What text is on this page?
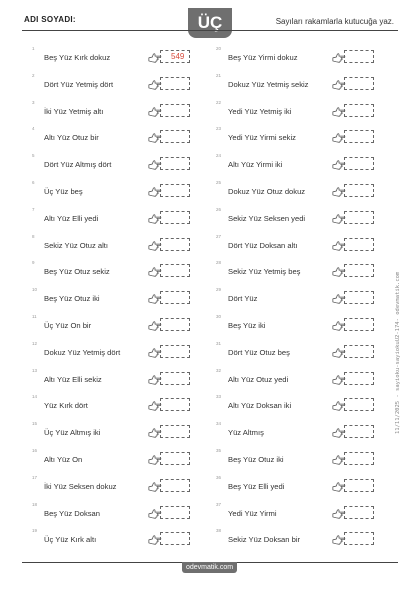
ADI SOYADI:	ÜÇ	Sayıları rakamlarla kutucuğa yaz.
1
Beş Yüz Kırk dokuz	549
2
Dört Yüz Yetmiş dört
3
İki Yüz Yetmiş altı
4
Altı Yüz Otuz bir
5
Dört Yüz Altmış dört
6
Üç Yüz beş
7
Altı Yüz Elli yedi
8
Sekiz Yüz Otuz altı
9
Beş Yüz Otuz sekiz
10
Beş Yüz Otuz iki
11
Üç Yüz On bir
12
Dokuz Yüz Yetmiş dört
13
Altı Yüz Elli sekiz
14
Yüz Kırk dört
15
Üç Yüz Altmış iki
16
Altı Yüz On
17
İki Yüz Seksen dokuz
18
Beş Yüz Doksan
19
Üç Yüz Kırk altı
20
Beş Yüz Yirmi dokuz
21
Dokuz Yüz Yetmiş sekiz
22
Yedi Yüz Yetmiş iki
23
Yedi Yüz Yirmi sekiz
24
Altı Yüz Yirmi iki
25
Dokuz Yüz Otuz dokuz
26
Sekiz Yüz Seksen yedi
27
Dört Yüz Doksan altı
28
Sekiz Yüz Yetmiş beş
29
Dört Yüz
30
Beş Yüz iki
31
Dört Yüz Otuz beş
32
Altı Yüz Otuz yedi
33
Altı Yüz Doksan iki
34
Yüz Altmış
35
Beş Yüz Otuz iki
36
Beş Yüz Elli yedi
37
Yedi Yüz Yirmi
38
Sekiz Yüz Doksan bir
11/11/2025 - sayioku-sayiokuU2-174- odevmatik.com
odevmatik.com
